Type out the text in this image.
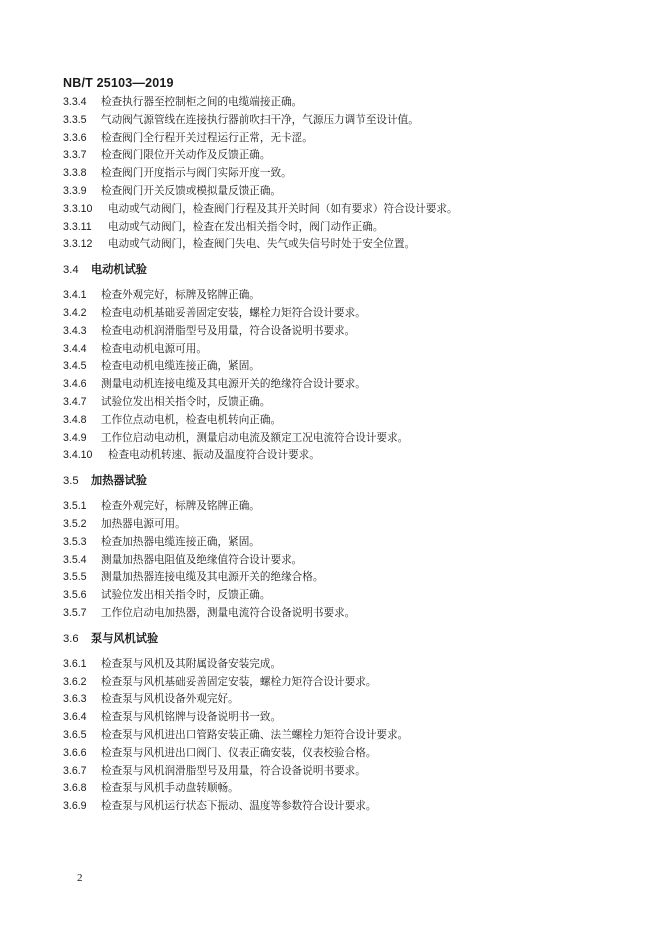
NB/T 25103—2019
3.3.4 检查执行器至控制柜之间的电缆端接正确。
3.3.5 气动阀气源管线在连接执行器前吹扫干净，气源压力调节至设计值。
3.3.6 检查阀门全行程开关过程运行正常，无卡涩。
3.3.7 检查阀门限位开关动作及反馈正确。
3.3.8 检查阀门开度指示与阀门实际开度一致。
3.3.9 检查阀门开关反馈或模拟量反馈正确。
3.3.10 电动或气动阀门，检查阀门行程及其开关时间（如有要求）符合设计要求。
3.3.11 电动或气动阀门，检查在发出相关指令时，阀门动作正确。
3.3.12 电动或气动阀门，检查阀门失电、失气或失信号时处于安全位置。
3.4 电动机试验
3.4.1 检查外观完好，标牌及铭牌正确。
3.4.2 检查电动机基础妥善固定安装，螺栓力矩符合设计要求。
3.4.3 检查电动机润滑脂型号及用量，符合设备说明书要求。
3.4.4 检查电动机电源可用。
3.4.5 检查电动机电缆连接正确，紧固。
3.4.6 测量电动机连接电缆及其电源开关的绝缘符合设计要求。
3.4.7 试验位发出相关指令时，反馈正确。
3.4.8 工作位点动电机，检查电机转向正确。
3.4.9 工作位启动电动机，测量启动电流及额定工况电流符合设计要求。
3.4.10 检查电动机转速、振动及温度符合设计要求。
3.5 加热器试验
3.5.1 检查外观完好，标牌及铭牌正确。
3.5.2 加热器电源可用。
3.5.3 检查加热器电缆连接正确，紧固。
3.5.4 测量加热器电阻值及绝缘值符合设计要求。
3.5.5 测量加热器连接电缆及其电源开关的绝缘合格。
3.5.6 试验位发出相关指令时，反馈正确。
3.5.7 工作位启动电加热器，测量电流符合设备说明书要求。
3.6 泵与风机试验
3.6.1 检查泵与风机及其附属设备安装完成。
3.6.2 检查泵与风机基础妥善固定安装，螺栓力矩符合设计要求。
3.6.3 检查泵与风机设备外观完好。
3.6.4 检查泵与风机铭牌与设备说明书一致。
3.6.5 检查泵与风机进出口管路安装正确、法兰螺栓力矩符合设计要求。
3.6.6 检查泵与风机进出口阀门、仪表正确安装，仪表校验合格。
3.6.7 检查泵与风机润滑脂型号及用量，符合设备说明书要求。
3.6.8 检查泵与风机手动盘转顺畅。
3.6.9 检查泵与风机运行状态下振动、温度等参数符合设计要求。
2
